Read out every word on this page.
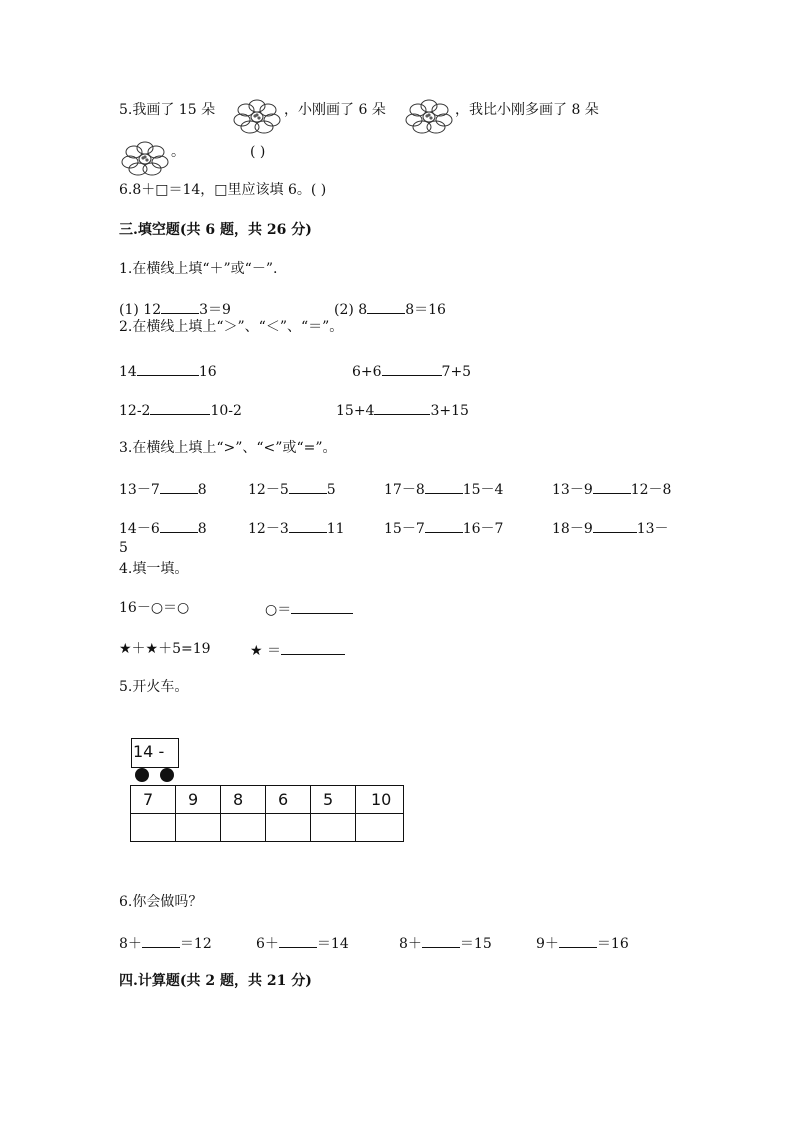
5.我画了 15 朵	，小刚画了 6 朵	，我比小刚多画了 8 朵
。	( )
6.8＋□＝14，□里应该填 6。( )
三.填空题(共 6 题，共 26 分)
1.在横线上填“＋”或“－”.
(1) 12	3＝9	(2) 8	8＝16
2.在横线上填上“＞”、“＜”、“＝”。
14	16	6+6	7+5
12-2	10-2	15+4	3+15
3.在横线上填上“>”、“<”或“=”。
13－7	8	12－5	5	17－8	15－4	13－9	12－8
14－6	8	12－3	11	15－7	16－7	18－9	13－
5
4.填一填。
16－○＝○	○＝
★＋★＋5=19	★ ＝
5.开火车。
14 -
7	9	8	6	5	10

6.你会做吗？
8＋	＝12	6＋	＝14	8＋	＝15	9＋	＝16
四.计算题(共 2 题，共 21 分)
